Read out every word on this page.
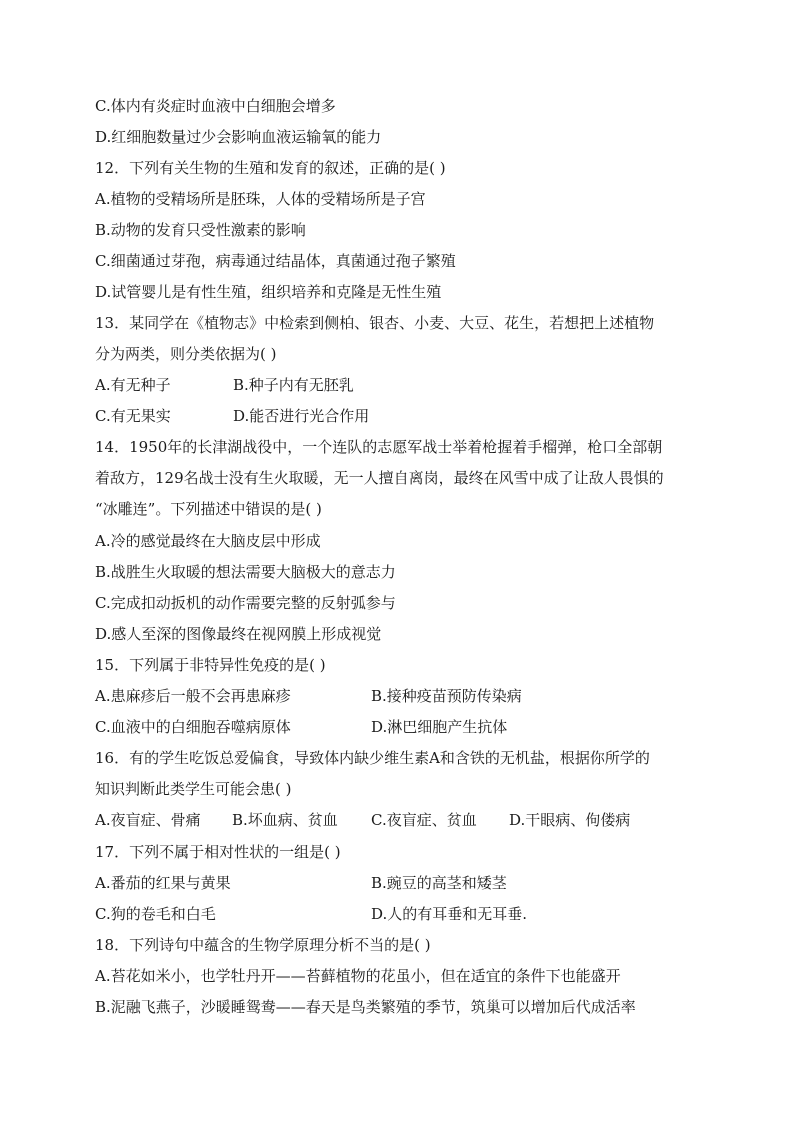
C.体内有炎症时血液中白细胞会增多
D.红细胞数量过少会影响血液运输氧的能力
12．下列有关生物的生殖和发育的叙述，正确的是( )
A.植物的受精场所是胚珠，人体的受精场所是子宫
B.动物的发育只受性激素的影响
C.细菌通过芽孢，病毒通过结晶体，真菌通过孢子繁殖
D.试管婴儿是有性生殖，组织培养和克隆是无性生殖
13．某同学在《植物志》中检索到侧柏、银杏、小麦、大豆、花生，若想把上述植物
分为两类，则分类依据为( )
A.有无种子	B.种子内有无胚乳
C.有无果实	D.能否进行光合作用
14．1950年的长津湖战役中，一个连队的志愿军战士举着枪握着手榴弹，枪口全部朝
着敌方，129名战士没有生火取暖，无一人擅自离岗，最终在风雪中成了让敌人畏惧的
“冰雕连”。下列描述中错误的是( )
A.冷的感觉最终在大脑皮层中形成
B.战胜生火取暖的想法需要大脑极大的意志力
C.完成扣动扳机的动作需要完整的反射弧参与
D.感人至深的图像最终在视网膜上形成视觉
15．下列属于非特异性免疫的是( )
A.患麻疹后一般不会再患麻疹	B.接种疫苗预防传染病
C.血液中的白细胞吞噬病原体	D.淋巴细胞产生抗体
16．有的学生吃饭总爱偏食，导致体内缺少维生素A和含铁的无机盐，根据你所学的
知识判断此类学生可能会患( )
A.夜盲症、骨痛 B.坏血病、贫血 C.夜盲症、贫血 D.干眼病、佝偻病
17．下列不属于相对性状的一组是( )
A.番茄的红果与黄果	B.豌豆的高茎和矮茎
C.狗的卷毛和白毛	D.人的有耳垂和无耳垂.
18．下列诗句中蕴含的生物学原理分析不当的是( )
A.苔花如米小，也学牡丹开——苔藓植物的花虽小，但在适宜的条件下也能盛开
B.泥融飞燕子，沙暖睡鸳鸯——春天是鸟类繁殖的季节，筑巢可以增加后代成活率
